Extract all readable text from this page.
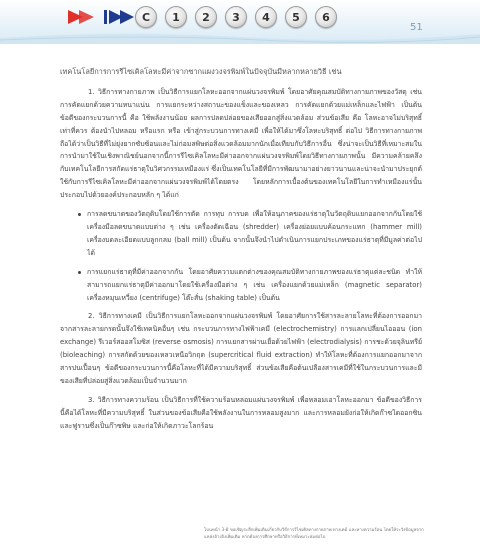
C	1	2	3	4	5	6
51
เทคโนโลยีการการรีไซเคิลโลหะมีค่าจากซากแผงวงจรพิมพ์ในปัจจุบันมีหลากหลายวิธี เช่น

1. วิธีการทางกายภาพ เป็นวิธีการแยกโลหะออกจากแผ่นวงจรพิมพ์ โดยอาศัยคุณสมบัติทางกายภาพของวัสดุ เช่น การคัดแยกด้วยความหนาแน่น การแยกระหว่างสถานะของแข็งและของเหลว การคัดแยกด้วยแม่เหล็กและไฟฟ้า เป็นต้น ข้อดีของกระบวนการนี้ คือ ใช้พลังงานน้อย ผลการปลดปล่อยของเสียออกสู่สิ่งแวดล้อม ส่วนข้อเสีย คือ โลหะอาจไม่บริสุทธิ์เท่าที่ควร ต้องนำไปหลอม หรือแรก หรือ เข้าสู่กระบวนการทางเคมี เพื่อให้ได้มาซึ่งโลหะบริสุทธิ์ ต่อไป วิธีการทางกายภาพถือได้ว่าเป็นวิธีที่ไม่ยุ่งยากซับซ้อนและไม่ก่อมลพิษต่อสิ่งแวดล้อมมากนักเมื่อเทียบกับวิธีการอื่น ซึ่งน่าจะเป็นวิธีที่เหมาะสมในการนำมาใช้ในเชิงพาณิชย์นอกจากนี้การรีไซเคิลโลหะมีค่าออกจากแผ่นวงจรพิมพ์โดยวิธีทางกายภาพนั้น มีความคล้ายคลึงกับเทคโนโลยีการสกัดแร่ธาตุในวิศวกรรมเหมืองแร่ ซึ่งเป็นเทคโนโลยีที่มีการพัฒนามาอย่างยาวนานและน่าจะนำมาประยุกต์ใช้กับการรีไซเคิลโลหะมีค่าออกจากแผ่นวงจรพิมพ์ได้โดยตรง โดยหลักการเบื้องต้นของเทคโนโลยีในการทำเหมืองแร่นั้นประกอบไปด้วยองค์ประกอบหลัก ๆ ได้แก่

การลดขนาดของวัตถุดิบโดยใช้การตัด การทุบ การบด เพื่อให้อนุภาคของแร่ธาตุในวัตถุดิบแยกออกจากกันโดยใช้เครื่องมือลดขนาดแบบต่าง ๆ เช่น เครื่องตัดเฉือน (shredder) เครื่องย่อยแบบค้อนกระแทก (hammer mill) เครื่องบดละเอียดแบบลูกกลม (ball mill) เป็นต้น จากนั้นจึงนำไปดำเนินการแยกประเภทของแร่ธาตุที่มีมูลค่าต่อไปได้
การแยกแร่ธาตุที่มีค่าออกจากกัน โดยอาศัยความแตกต่างของคุณสมบัติทางกายภาพของแร่ธาตุแต่ละชนิด ทำให้สามารถแยกแร่ธาตุมีค่าออกมาโดยใช้เครื่องมือต่าง ๆ เช่น เครื่องแยกด้วยแม่เหล็ก (magnetic separator) เครื่องหมุนเหวี่ยง (centrifuge) โต๊ะสั่น (shaking table) เป็นต้น

2. วิธีการทางเคมี เป็นวิธีการแยกโลหะออกจากแผ่นวงจรพิมพ์ โดยอาศัยการใช้สารละลายโลหะที่ต้องการออกมาจากสารละลายกรดนั้นจึงใช้เทคนิคอื่นๆ เช่น กระบวนการทางไฟฟ้าเคมี (electrochemistry) การแลกเปลี่ยนไอออน (ion exchange) รีเวอร์สออสโมซิส (reverse osmosis) การแยกสารผ่านเยื่อด้วยไฟฟ้า (electrodialysis) การชะด้วยจุลินทรีย์ (bioleaching) การสกัดด้วยของเหลวเหนือวิกฤต (supercritical fluid extraction) ทำให้โลหะที่ต้องการแยกออกมาจากสารปนเปื้อนๆ ข้อดีของกระบวนการนี้คือโลหะที่ได้มีความบริสุทธิ์ ส่วนข้อเสียคือต้นเปลืองสารเคมีที่ใช้ในกระบวนการและมีของเสียที่ปล่อยสู่สิ่งแวดล้อมเป็นจำนวนมาก

3. วิธีการทางความร้อน เป็นวิธีการที่ใช้ความร้อนหลอมแผ่นวงจรพิมพ์ เพื่อหลอมเอาโลหะออกมา ข้อดีของวิธีการนี้คือได้โลหะที่มีความบริสุทธิ์ ในส่วนของข้อเสียคือใช้พลังงานในการหลอมสูงมาก และการหลอมยังก่อให้เกิดก๊าซไดออกซินและฟูรานซึ่งเป็นก๊าซพิษ และก่อให้เกิดภาวะโลกร้อน

โบนหน้า 3-8 ขอเชิญระลึกเพิ่มเติมเกี่ยวกับวิธีการรีไซเคิลทางกายภาพ ทางเคมี และทางความร้อน โดยให้ระวังข้อมูลจากแหล่งอ้างอิงเพิ่มเติม หากต้องการศึกษาหรือวิธีการที่เหมาะสมต่อไป
